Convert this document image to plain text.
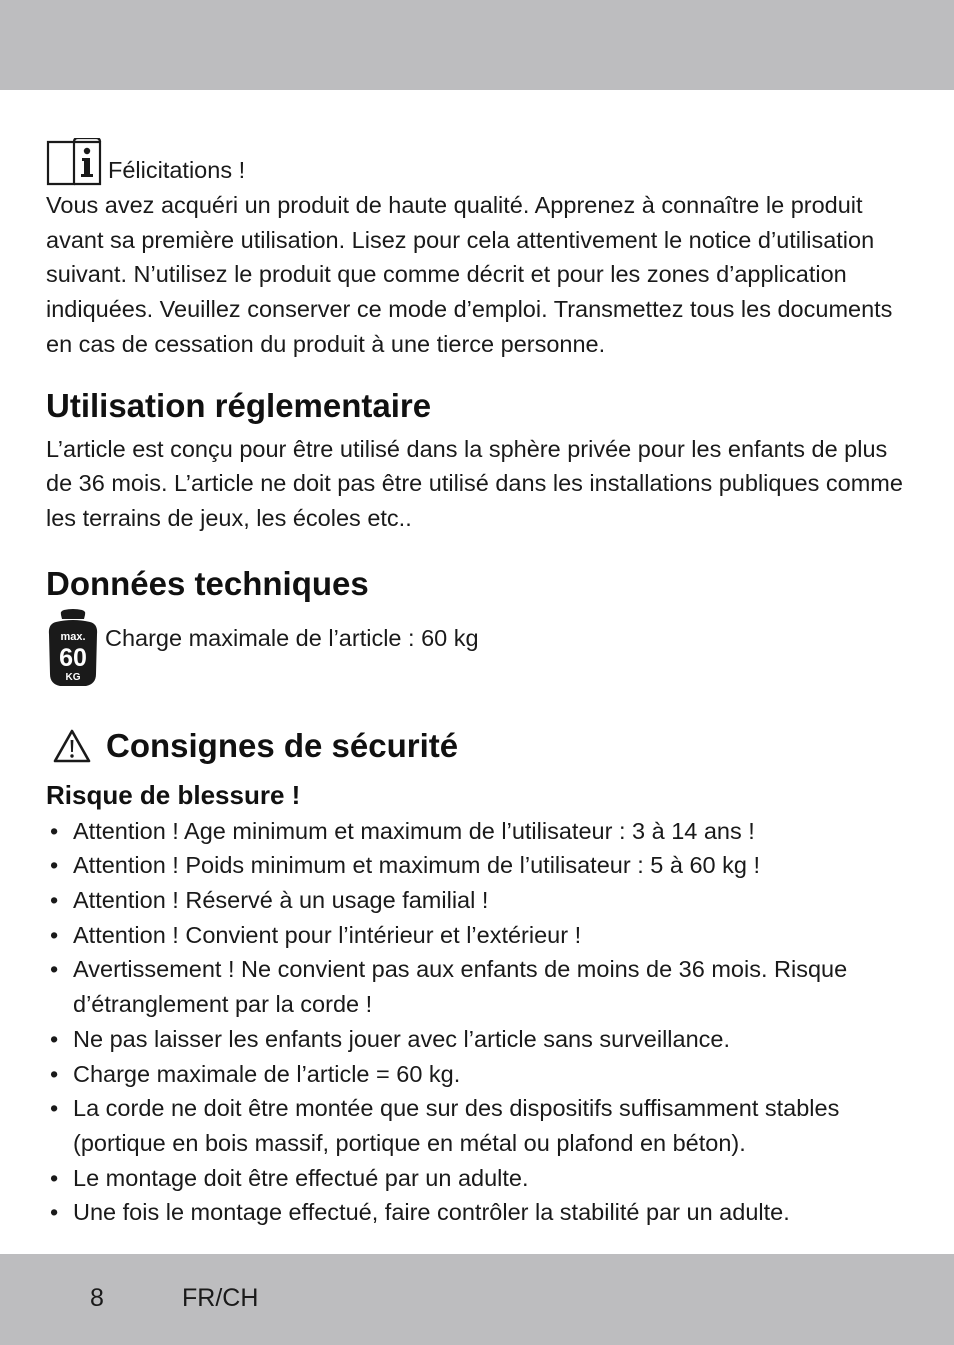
Félicitations !

Vous avez acquéri un produit de haute qualité. Apprenez à connaître le produit avant sa première utilisation. Lisez pour cela attentivement le notice d’utilisation suivant. N’utilisez le produit que comme décrit et pour les zones d’application indiquées. Veuillez conserver ce mode d’emploi. Transmettez tous les documents en cas de cessation du produit à une tierce personne.

Utilisation réglementaire

L’article est conçu pour être utilisé dans la sphère privée pour les enfants de plus de 36 mois. L’article ne doit pas être utilisé dans les installations publiques comme les terrains de jeux, les écoles etc..

Données techniques
max.
60
KG
Charge maximale de l’article : 60 kg
Consignes de sécurité
Risque de blessure !
• Attention ! Age minimum et maximum de l’utilisateur : 3 à 14 ans !
• Attention ! Poids minimum et maximum de l’utilisateur : 5 à 60 kg !
• Attention ! Réservé à un usage familial !
• Attention ! Convient pour l’intérieur et l’extérieur !
• Avertissement ! Ne convient pas aux enfants de moins de 36 mois. Risque d’étranglement par la corde !
• Ne pas laisser les enfants jouer avec l’article sans surveillance.
• Charge maximale de l’article = 60 kg.
• La corde ne doit être montée que sur des dispositifs suffisamment stables (portique en bois massif, portique en métal ou plafond en béton).
• Le montage doit être effectué par un adulte.
• Une fois le montage effectué, faire contrôler la stabilité par un adulte.
8	FR/CH
